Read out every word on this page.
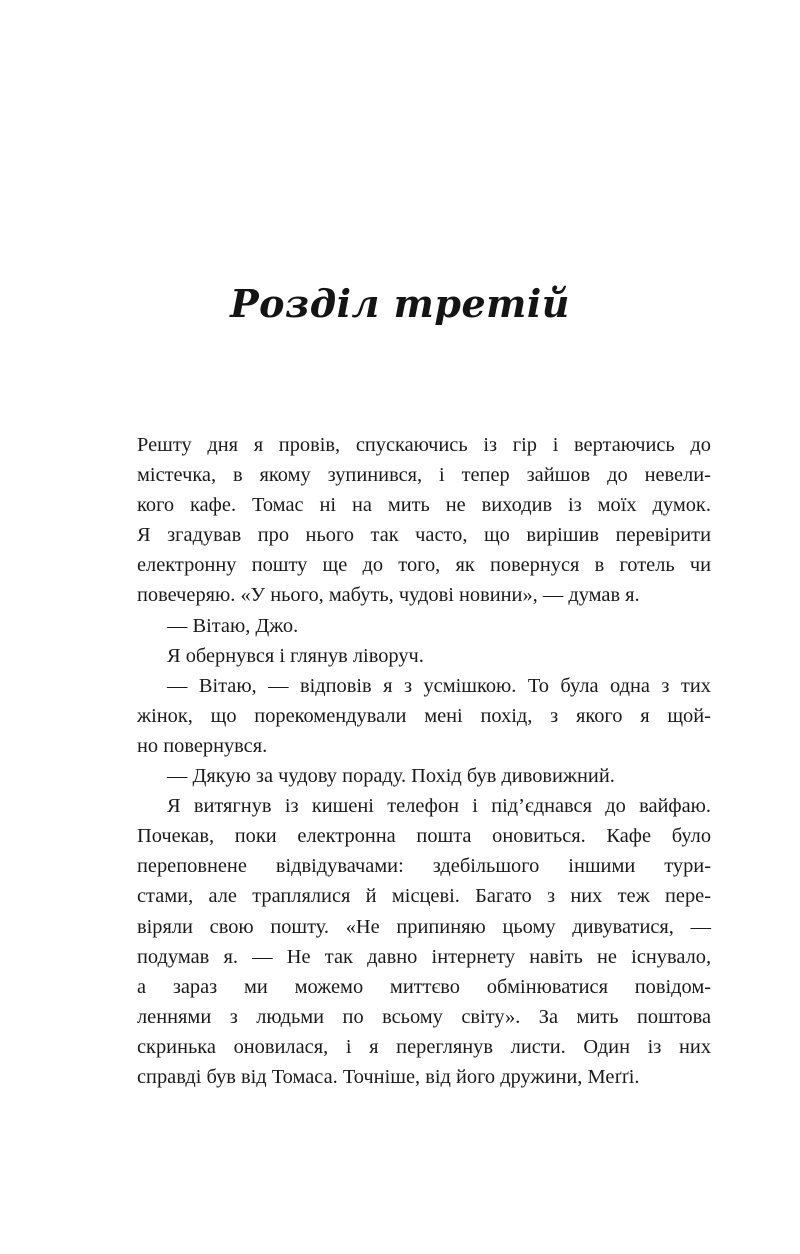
Розділ третій

Решту дня я провів, спускаючись із гір і вертаючись до
містечка, в якому зупинився, і тепер зайшов до невели-
кого кафе. Томас ні на мить не виходив із моїх думок.
Я згадував про нього так часто, що вирішив перевірити
електронну пошту ще до того, як повернуся в готель чи
повечеряю. «У нього, мабуть, чудові новини», — думав я.

— Вітаю, Джо.

Я обернувся і глянув ліворуч.

— Вітаю, — відповів я з усмішкою. То була одна з тих
жінок, що порекомендували мені похід, з якого я щой-
но повернувся.

— Дякую за чудову пораду. Похід був дивовижний.

Я витягнув із кишені телефон і під’єднався до вайфаю.
Почекав, поки електронна пошта оновиться. Кафе було
переповнене відвідувачами: здебільшого іншими тури-
стами, але траплялися й місцеві. Багато з них теж пере-
віряли свою пошту. «Не припиняю цьому дивуватися, —
подумав я. — Не так давно інтернету навіть не існувало,
а зараз ми можемо миттєво обмінюватися повідом-
леннями з людьми по всьому світу». За мить поштова
скринька оновилася, і я переглянув листи. Один із них
справді був від Томаса. Точніше, від його дружини, Меґґі.
